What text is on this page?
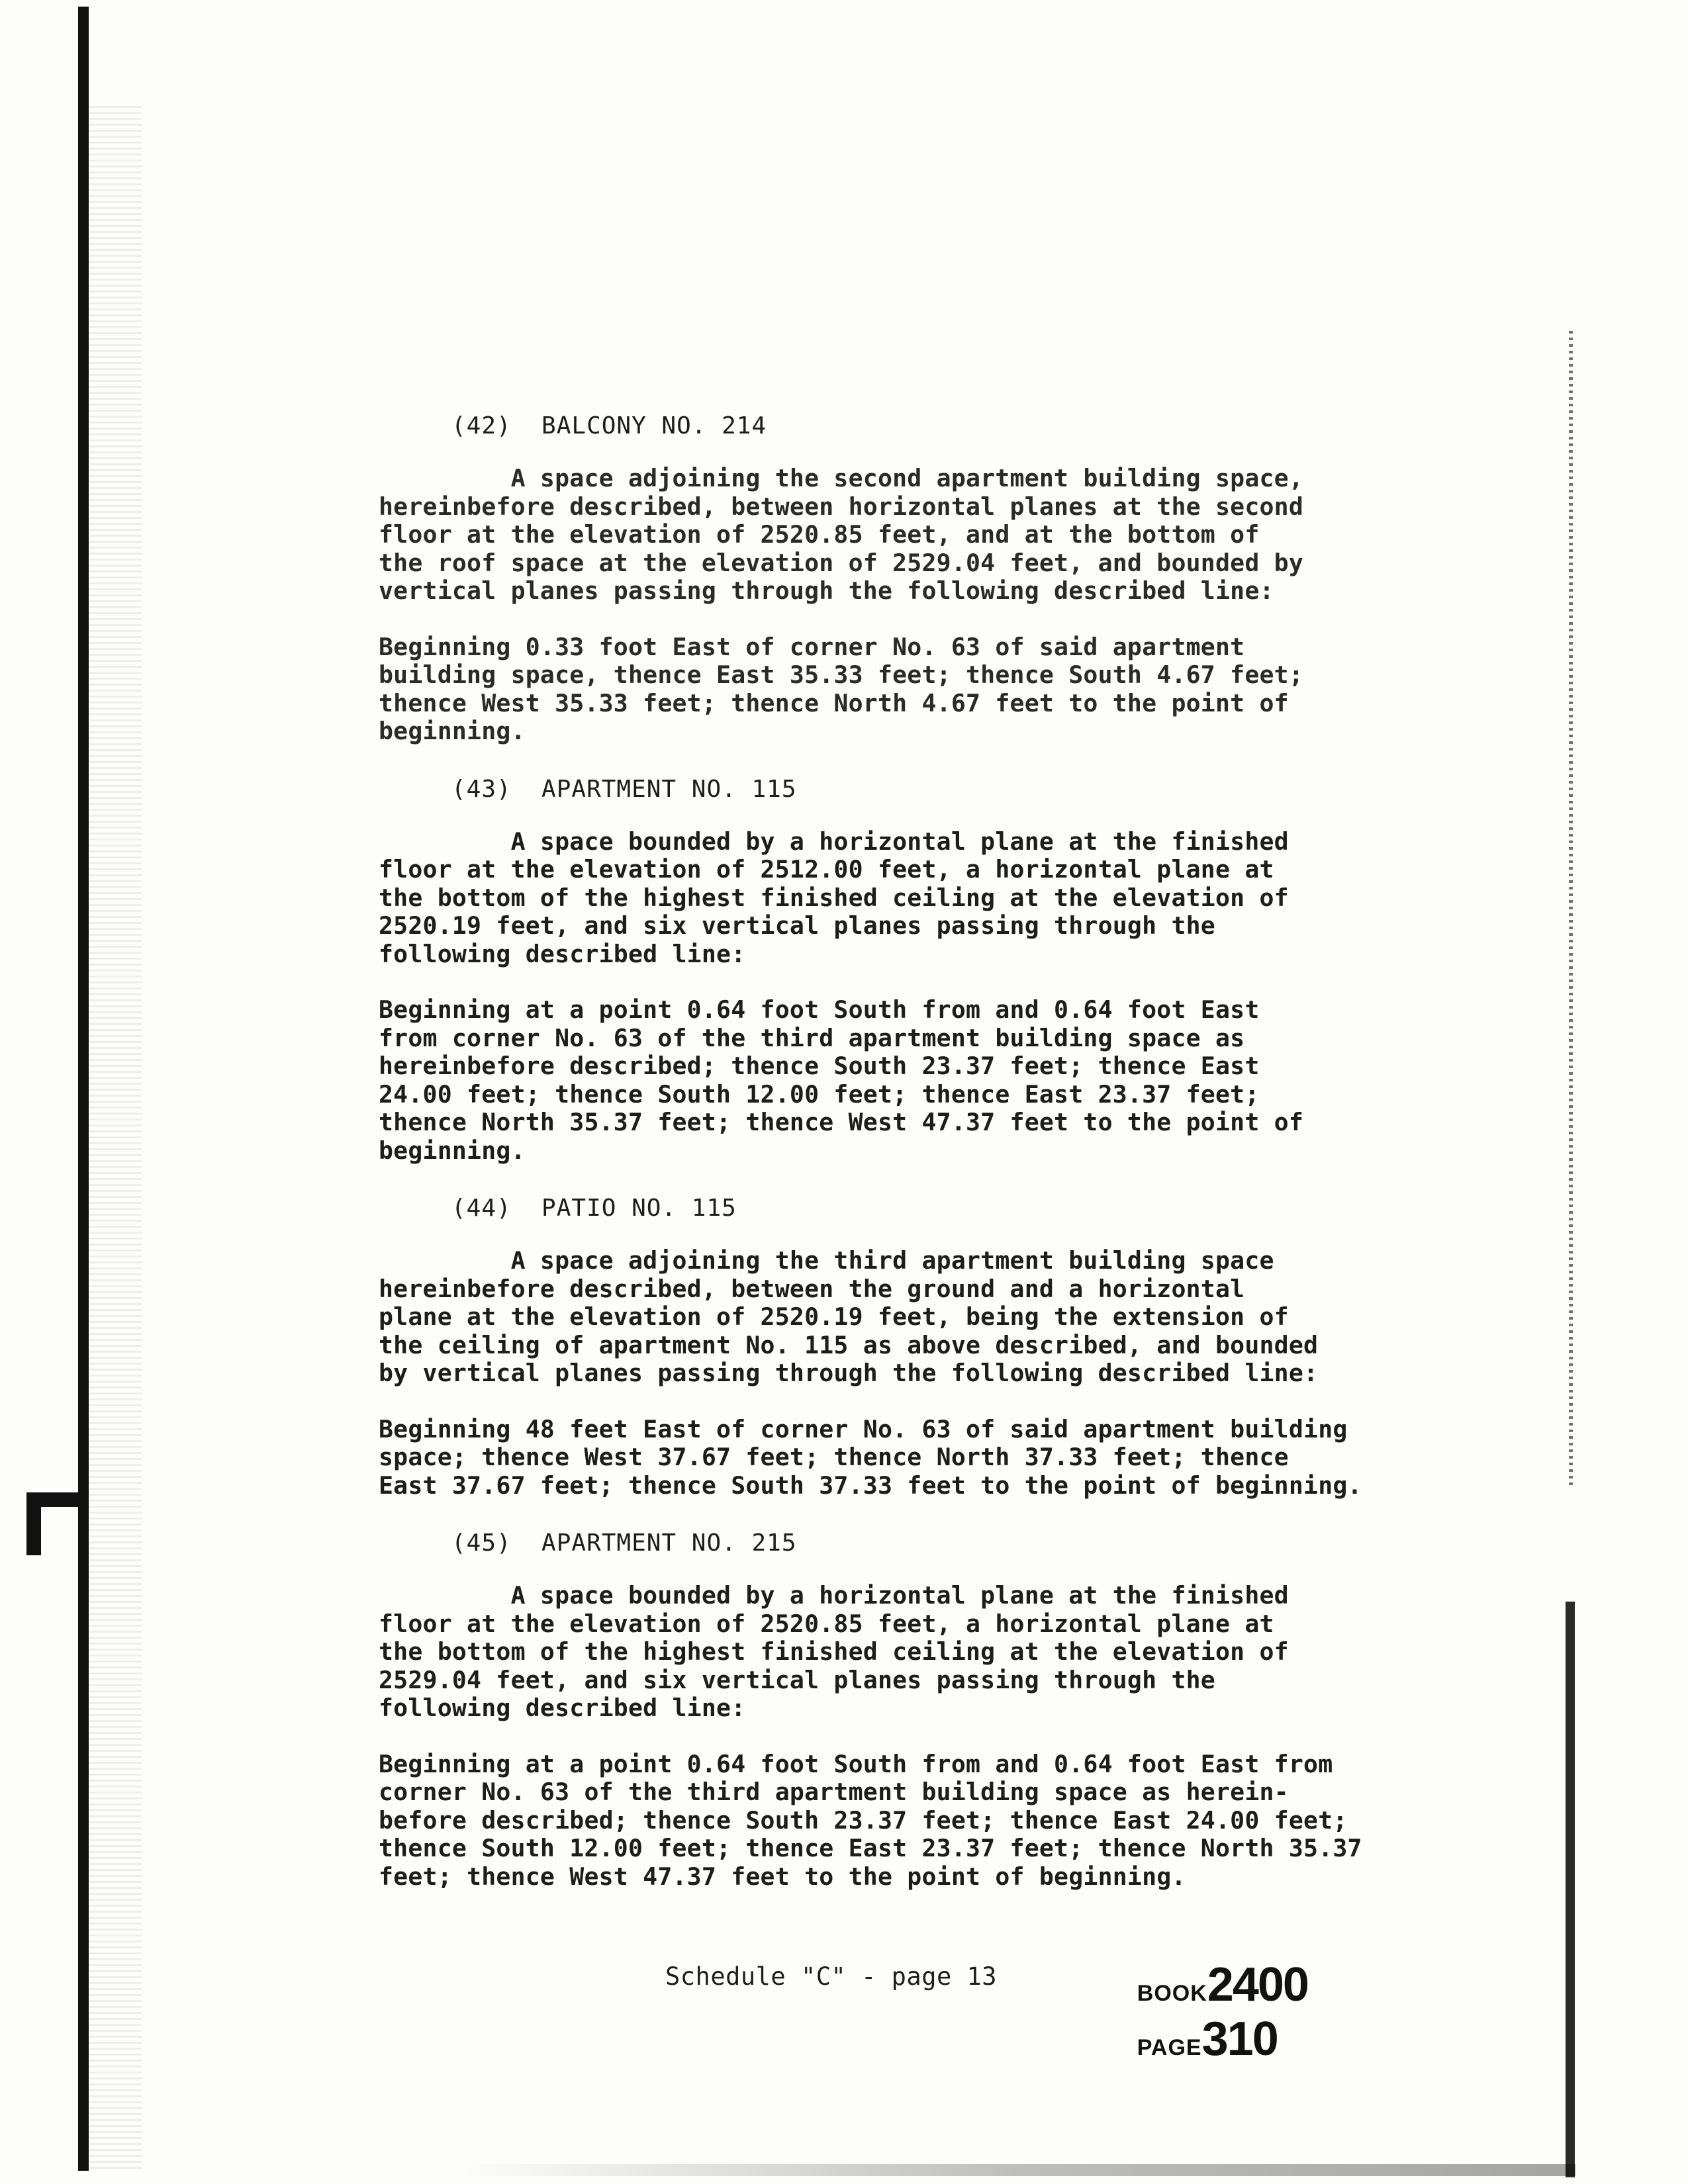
(42)  BALCONY NO. 214
A space adjoining the second apartment building space,
hereinbefore described, between horizontal planes at the second
floor at the elevation of 2520.85 feet, and at the bottom of
the roof space at the elevation of 2529.04 feet, and bounded by
vertical planes passing through the following described line:
Beginning 0.33 foot East of corner No. 63 of said apartment
building space, thence East 35.33 feet; thence South 4.67 feet;
thence West 35.33 feet; thence North 4.67 feet to the point of
beginning.
(43)  APARTMENT NO. 115
A space bounded by a horizontal plane at the finished
floor at the elevation of 2512.00 feet, a horizontal plane at
the bottom of the highest finished ceiling at the elevation of
2520.19 feet, and six vertical planes passing through the
following described line:
Beginning at a point 0.64 foot South from and 0.64 foot East
from corner No. 63 of the third apartment building space as
hereinbefore described; thence South 23.37 feet; thence East
24.00 feet; thence South 12.00 feet; thence East 23.37 feet;
thence North 35.37 feet; thence West 47.37 feet to the point of
beginning.
(44)  PATIO NO. 115
A space adjoining the third apartment building space
hereinbefore described, between the ground and a horizontal
plane at the elevation of 2520.19 feet, being the extension of
the ceiling of apartment No. 115 as above described, and bounded
by vertical planes passing through the following described line:
Beginning 48 feet East of corner No. 63 of said apartment building
space; thence West 37.67 feet; thence North 37.33 feet; thence
East 37.67 feet; thence South 37.33 feet to the point of beginning.
(45)  APARTMENT NO. 215
A space bounded by a horizontal plane at the finished
floor at the elevation of 2520.85 feet, a horizontal plane at
the bottom of the highest finished ceiling at the elevation of
2529.04 feet, and six vertical planes passing through the
following described line:
Beginning at a point 0.64 foot South from and 0.64 foot East from
corner No. 63 of the third apartment building space as herein-
before described; thence South 23.37 feet; thence East 24.00 feet;
thence South 12.00 feet; thence East 23.37 feet; thence North 35.37
feet; thence West 47.37 feet to the point of beginning.
Schedule "C" - page 13

BOOK2400
PAGE310
